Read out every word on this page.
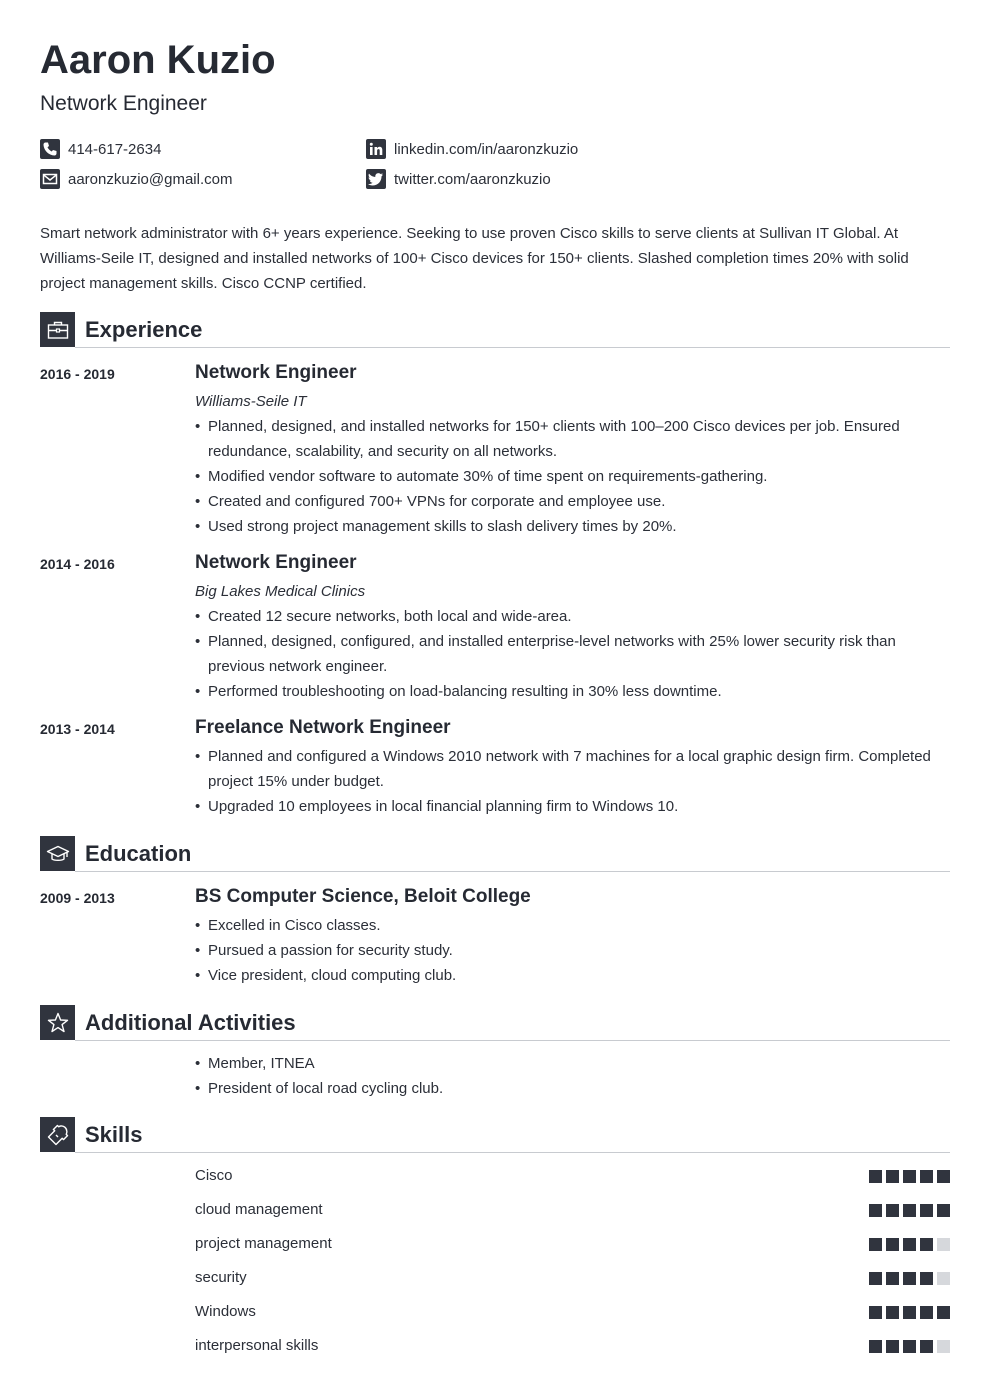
Aaron Kuzio
Network Engineer
414-617-2634
aaronzkuzio@gmail.com
linkedin.com/in/aaronzkuzio
twitter.com/aaronzkuzio

Smart network administrator with 6+ years experience. Seeking to use proven Cisco skills to serve clients at Sullivan IT Global. At Williams-Seile IT, designed and installed networks of 100+ Cisco devices for 150+ clients. Slashed completion times 20% with solid project management skills. Cisco CCNP certified.

Experience
2016 - 2019	Network Engineer
Williams-Seile IT
• Planned, designed, and installed networks for 150+ clients with 100–200 Cisco devices per job. Ensured redundance, scalability, and security on all networks.
• Modified vendor software to automate 30% of time spent on requirements-gathering.
• Created and configured 700+ VPNs for corporate and employee use.
• Used strong project management skills to slash delivery times by 20%.
2014 - 2016	Network Engineer
Big Lakes Medical Clinics
• Created 12 secure networks, both local and wide-area.
• Planned, designed, configured, and installed enterprise-level networks with 25% lower security risk than previous network engineer.
• Performed troubleshooting on load-balancing resulting in 30% less downtime.
2013 - 2014	Freelance Network Engineer
• Planned and configured a Windows 2010 network with 7 machines for a local graphic design firm. Completed project 15% under budget.
• Upgraded 10 employees in local financial planning firm to Windows 10.
Education
2009 - 2013	BS Computer Science, Beloit College
• Excelled in Cisco classes.
• Pursued a passion for security study.
• Vice president, cloud computing club.
Additional Activities
• Member, ITNEA
• President of local road cycling club.
Skills
Cisco
cloud management
project management
security
Windows
interpersonal skills
